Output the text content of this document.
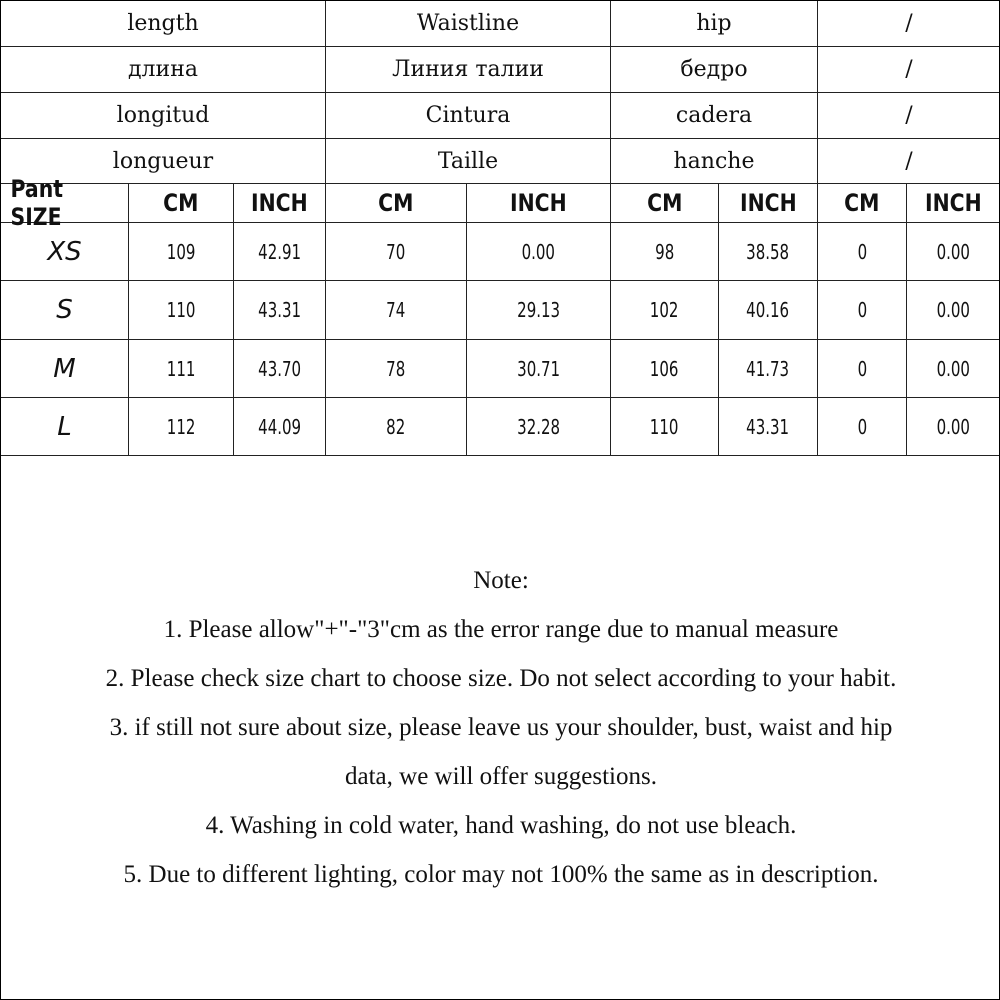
length	Waistline	hip	/
длина	Линия талии	бедро	/
longitud	Cintura	cadera	/
longueur	Taille	hanche	/
Pant SIZE	CM INCH	CM	INCH	CM INCH CM INCH
XS	109	42.91	70	0.00	98	38.58	0	0.00
S	110	43.31	74	29.13	102	40.16	0	0.00
M	111	43.70	78	30.71	106	41.73	0	0.00
L	112	44.09	82	32.28	110	43.31	0	0.00
Note:
1. Please allow"+"-"3"cm as the error range due to manual measure
2. Please check size chart to choose size. Do not select according to your habit.
3. if still not sure about size, please leave us your shoulder, bust, waist and hip
data, we will offer suggestions.
4. Washing in cold water, hand washing, do not use bleach.
5. Due to different lighting, color may not 100% the same as in description.
